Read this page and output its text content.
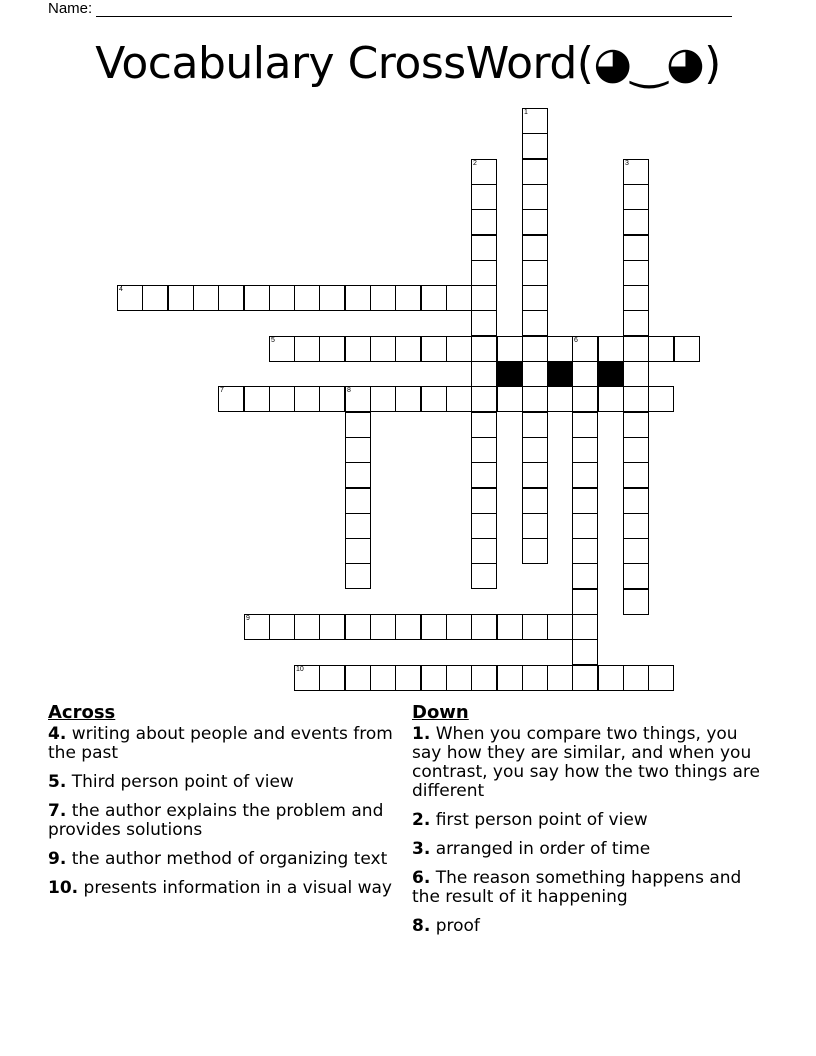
Name:
Vocabulary CrossWord(◕‿◕)
1
2	3
4
5	6
7	8
9
10
Across
4. writing about people and events from the past
5. Third person point of view
7. the author explains the problem and provides solutions
9. the author method of organizing text
10. presents information in a visual way
Down
1. When you compare two things, you say how they are similar, and when you contrast, you say how the two things are different
2. first person point of view
3. arranged in order of time
6. The reason something happens and the result of it happening
8. proof
